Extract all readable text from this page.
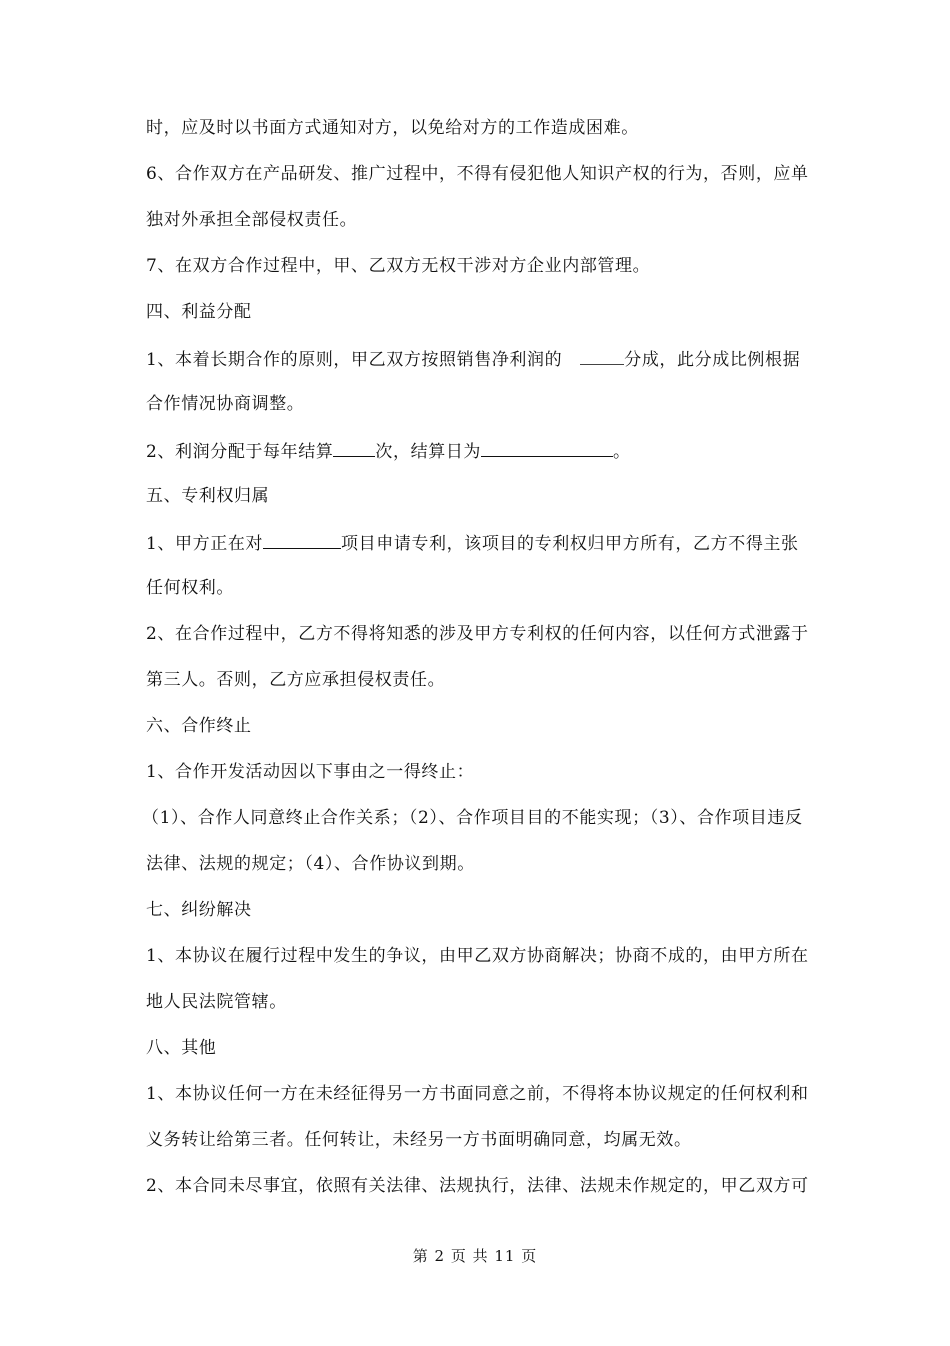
时，应及时以书面方式通知对方，以免给对方的工作造成困难。
6、合作双方在产品研发、推广过程中，不得有侵犯他人知识产权的行为，否则，应单
独对外承担全部侵权责任。
7、在双方合作过程中，甲、乙双方无权干涉对方企业内部管理。
四、利益分配
1、本着长期合作的原则，甲乙双方按照销售净利润的	分成，此分成比例根据
合作情况协商调整。
2、利润分配于每年结算 次，结算日为	。
五、专利权归属
1、甲方正在对	项目申请专利，该项目的专利权归甲方所有，乙方不得主张
任何权利。
2、在合作过程中，乙方不得将知悉的涉及甲方专利权的任何内容，以任何方式泄露于
第三人。否则，乙方应承担侵权责任。
六、合作终止
1、合作开发活动因以下事由之一得终止：
（1）、合作人同意终止合作关系；（2）、合作项目目的不能实现；（3）、合作项目违反
法律、法规的规定；（4）、合作协议到期。
七、纠纷解决
1、本协议在履行过程中发生的争议，由甲乙双方协商解决；协商不成的，由甲方所在
地人民法院管辖。
八、其他
1、本协议任何一方在未经征得另一方书面同意之前，不得将本协议规定的任何权利和
义务转让给第三者。任何转让，未经另一方书面明确同意，均属无效。
2、本合同未尽事宜，依照有关法律、法规执行，法律、法规未作规定的，甲乙双方可
第 2 页 共 11 页
